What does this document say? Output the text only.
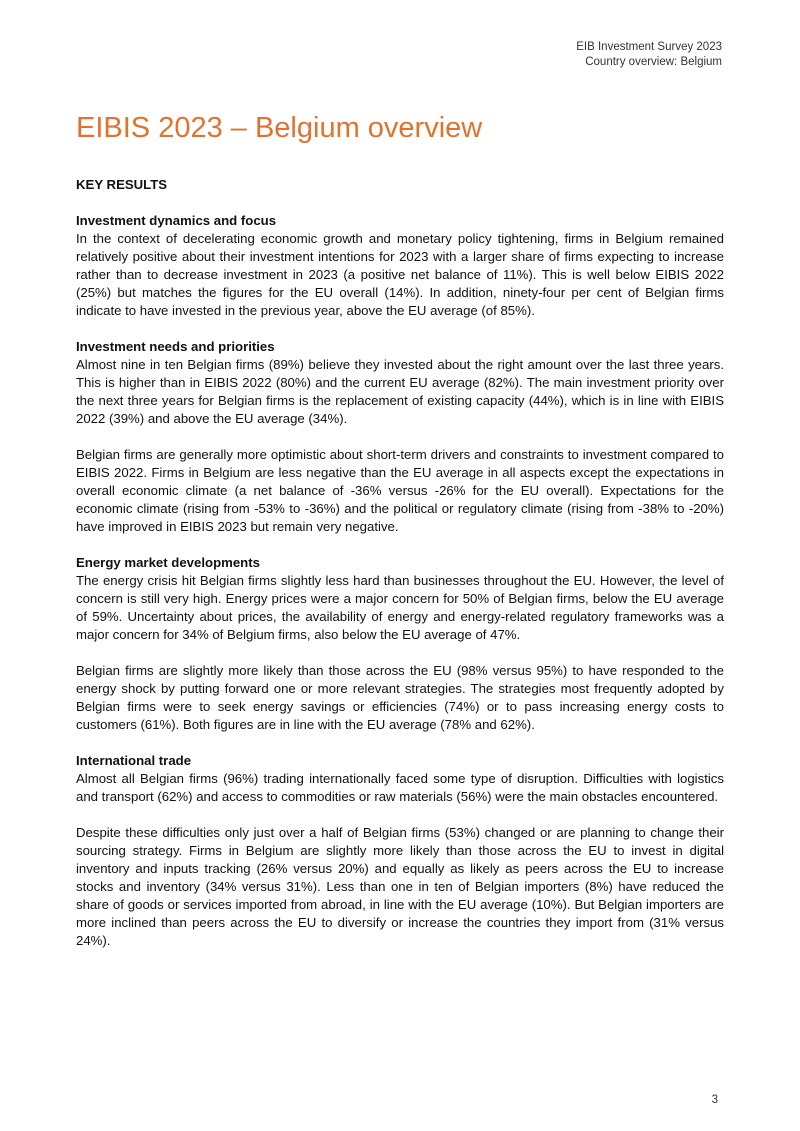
EIB Investment Survey 2023
Country overview: Belgium
EIBIS 2023 – Belgium overview

KEY RESULTS

Investment dynamics and focus

In the context of decelerating economic growth and monetary policy tightening, firms in Belgium remained relatively positive about their investment intentions for 2023 with a larger share of firms expecting to increase rather than to decrease investment in 2023 (a positive net balance of 11%). This is well below EIBIS 2022 (25%) but matches the figures for the EU overall (14%). In addition, ninety-four per cent of Belgian firms indicate to have invested in the previous year, above the EU average (of 85%).

Investment needs and priorities

Almost nine in ten Belgian firms (89%) believe they invested about the right amount over the last three years. This is higher than in EIBIS 2022 (80%) and the current EU average (82%). The main investment priority over the next three years for Belgian firms is the replacement of existing capacity (44%), which is in line with EIBIS 2022 (39%) and above the EU average (34%).

Belgian firms are generally more optimistic about short-term drivers and constraints to investment compared to EIBIS 2022. Firms in Belgium are less negative than the EU average in all aspects except the expectations in overall economic climate (a net balance of -36% versus -26% for the EU overall). Expectations for the economic climate (rising from -53% to -36%) and the political or regulatory climate (rising from -38% to -20%) have improved in EIBIS 2023 but remain very negative.

Energy market developments

The energy crisis hit Belgian firms slightly less hard than businesses throughout the EU. However, the level of concern is still very high. Energy prices were a major concern for 50% of Belgian firms, below the EU average of 59%. Uncertainty about prices, the availability of energy and energy-related regulatory frameworks was a major concern for 34% of Belgium firms, also below the EU average of 47%.

Belgian firms are slightly more likely than those across the EU (98% versus 95%) to have responded to the energy shock by putting forward one or more relevant strategies. The strategies most frequently adopted by Belgian firms were to seek energy savings or efficiencies (74%) or to pass increasing energy costs to customers (61%). Both figures are in line with the EU average (78% and 62%).

International trade

Almost all Belgian firms (96%) trading internationally faced some type of disruption. Difficulties with logistics and transport (62%) and access to commodities or raw materials (56%) were the main obstacles encountered.

Despite these difficulties only just over a half of Belgian firms (53%) changed or are planning to change their sourcing strategy. Firms in Belgium are slightly more likely than those across the EU to invest in digital inventory and inputs tracking (26% versus 20%) and equally as likely as peers across the EU to increase stocks and inventory (34% versus 31%). Less than one in ten of Belgian importers (8%) have reduced the share of goods or services imported from abroad, in line with the EU average (10%). But Belgian importers are more inclined than peers across the EU to diversify or increase the countries they import from (31% versus 24%).

3
